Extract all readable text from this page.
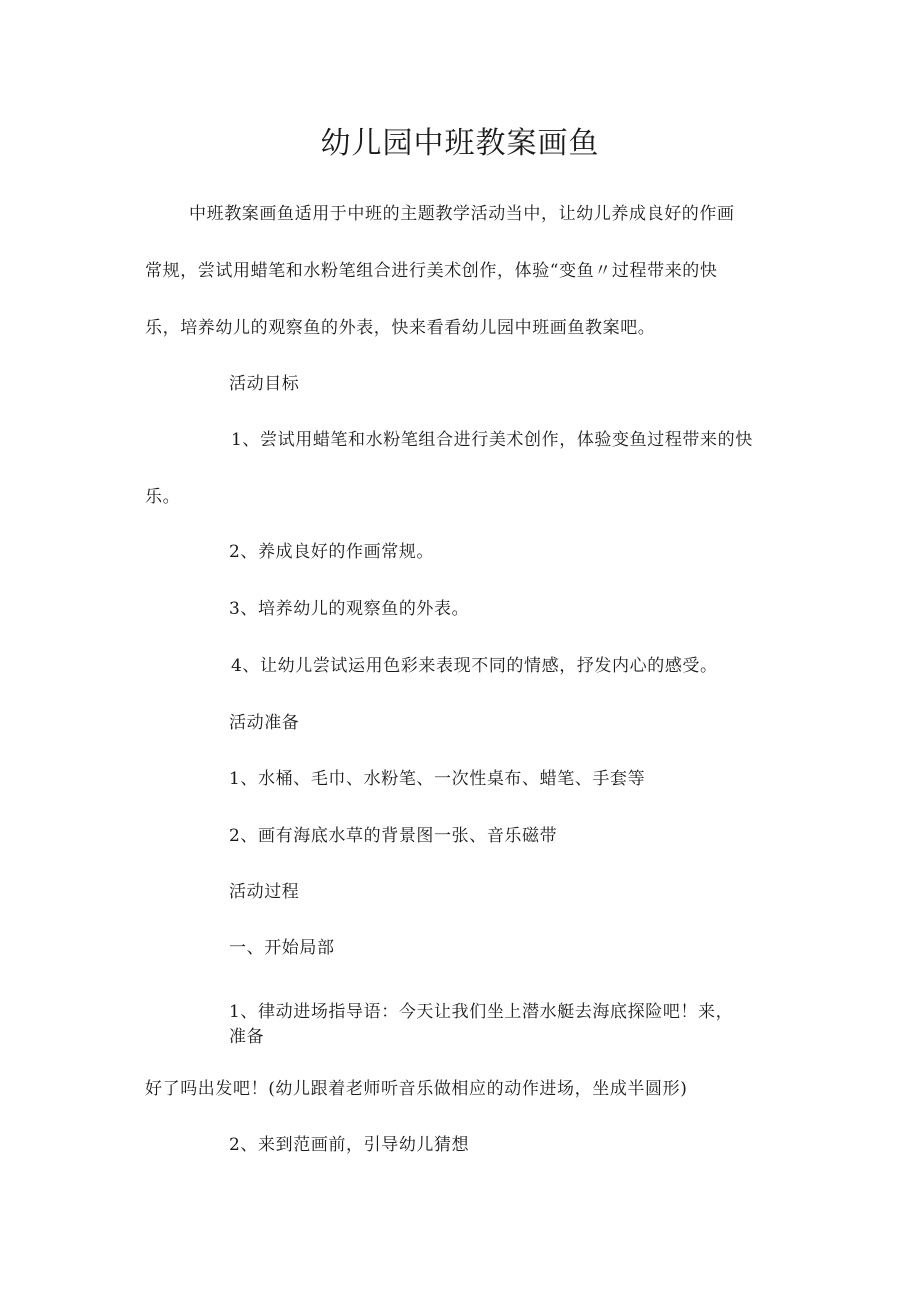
幼儿园中班教案画鱼
中班教案画鱼适用于中班的主题教学活动当中，让幼儿养成良好的作画
常规，尝试用蜡笔和水粉笔组合进行美术创作，体验“变鱼〃过程带来的快
乐，培养幼儿的观察鱼的外表，快来看看幼儿园中班画鱼教案吧。
活动目标
1、尝试用蜡笔和水粉笔组合进行美术创作，体验变鱼过程带来的快
乐。
2、养成良好的作画常规。
3、培养幼儿的观察鱼的外表。
4、让幼儿尝试运用色彩来表现不同的情感，抒发内心的感受。
活动准备
1、水桶、毛巾、水粉笔、一次性桌布、蜡笔、手套等
2、画有海底水草的背景图一张、音乐磁带
活动过程
一、开始局部
1、律动进场指导语：今天让我们坐上潜水艇去海底探险吧！来，
准备
好了吗出发吧！(幼儿跟着老师听音乐做相应的动作进场，坐成半圆形)
2、来到范画前，引导幼儿猜想
